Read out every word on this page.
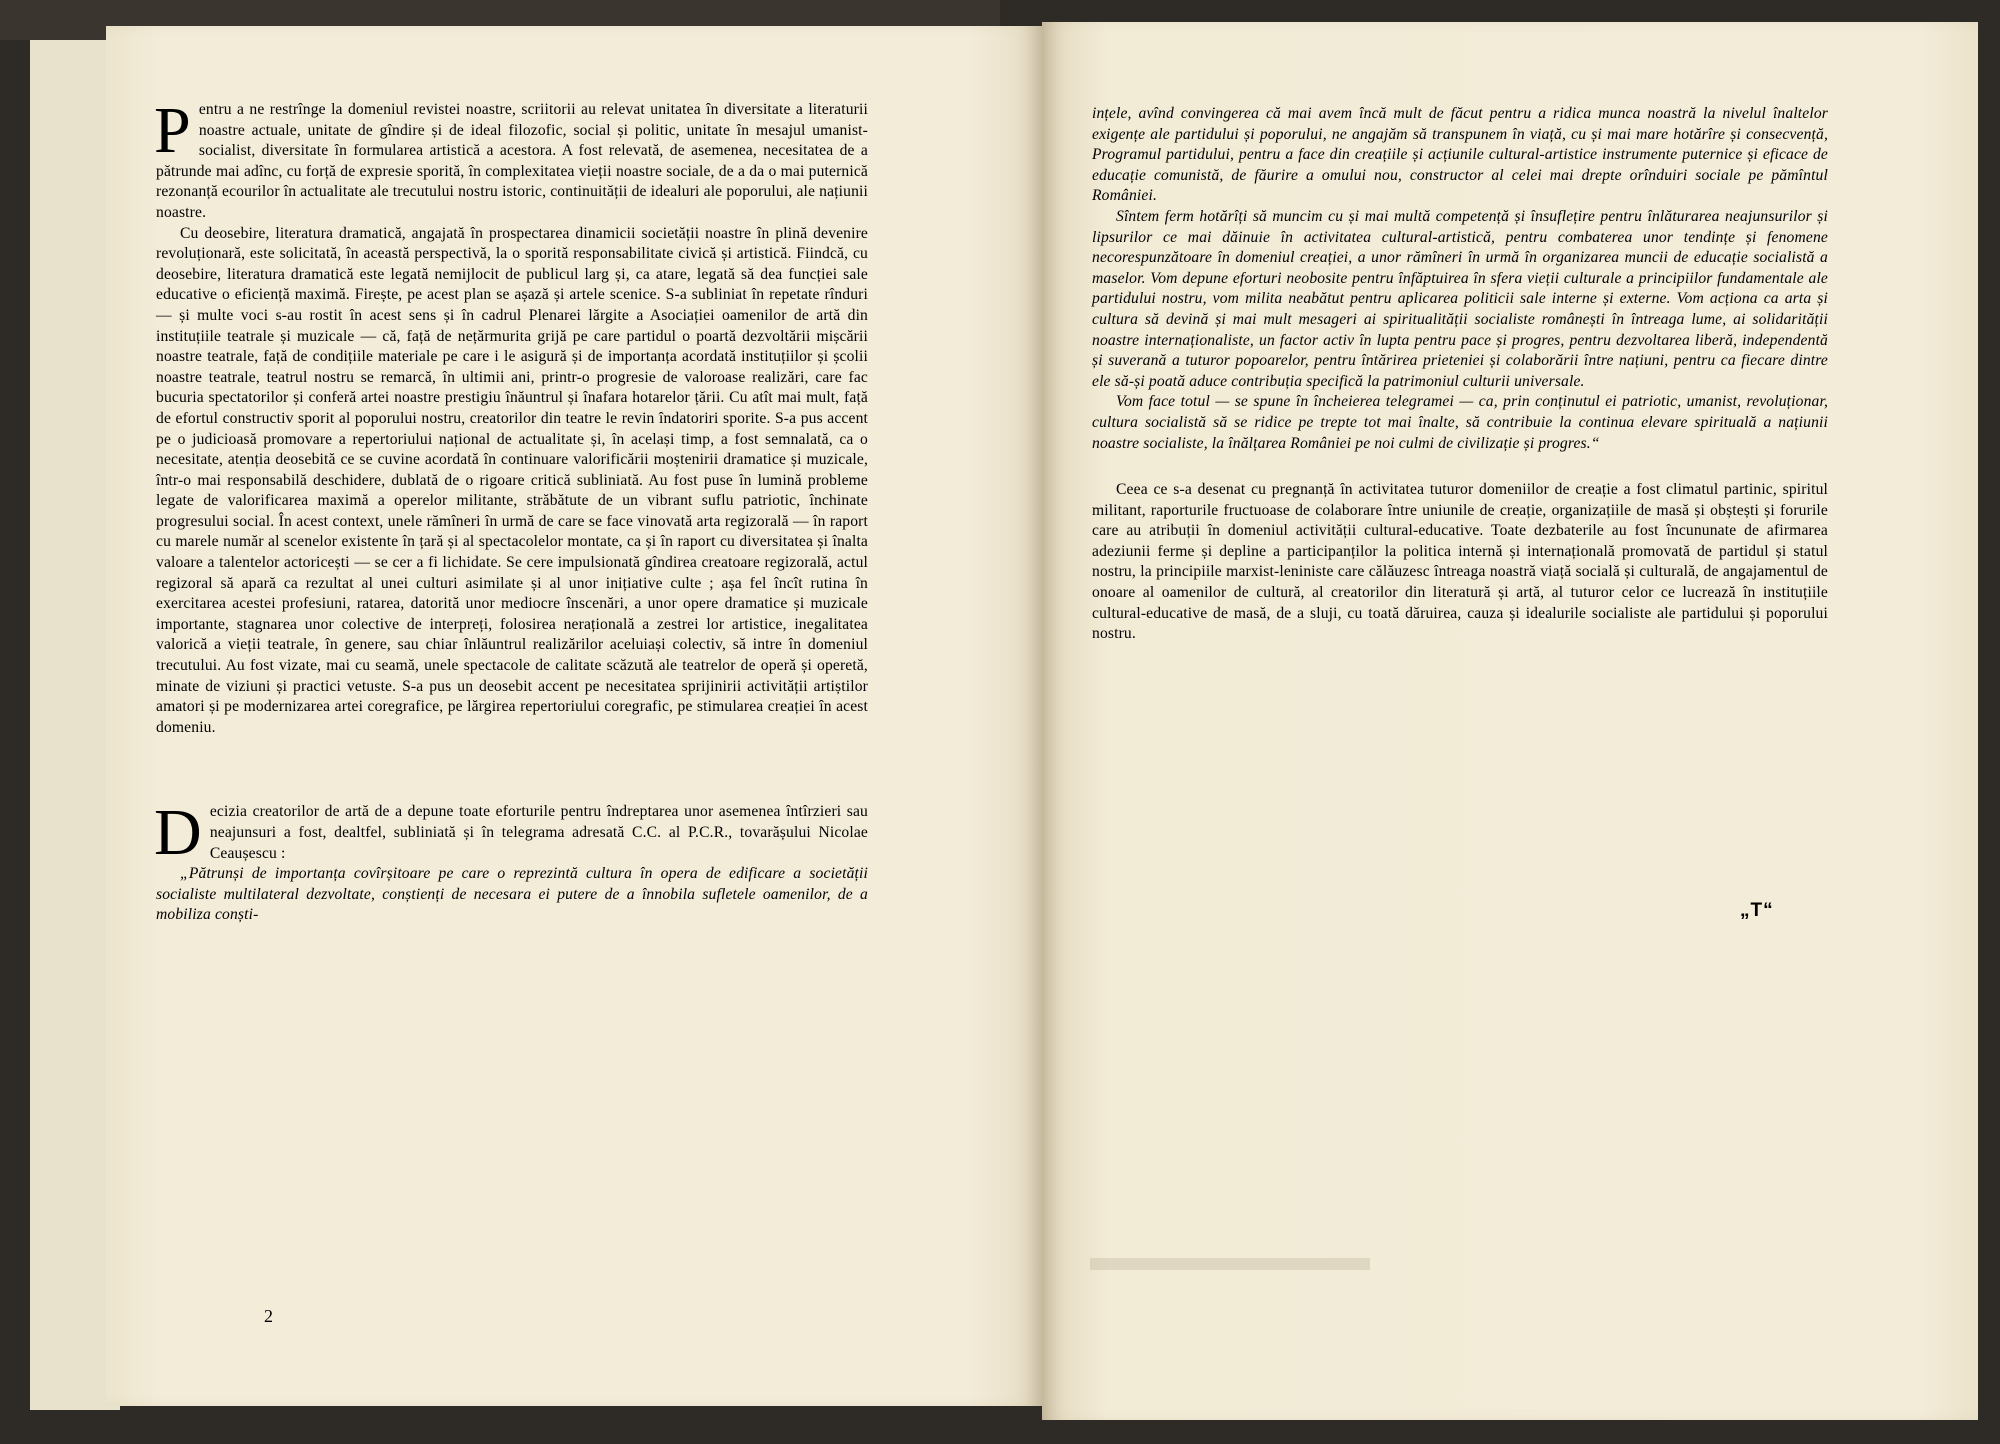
Pentru a ne restrînge la domeniul revistei noastre, scriitorii au relevat unitatea în diversitate a literaturii noastre actuale, unitate de gîndire și de ideal filozofic, social și politic, unitate în mesajul umanist-socialist, diversitate în formularea artistică a acestora. A fost relevată, de asemenea, necesitatea de a pătrunde mai adînc, cu forță de expresie sporită, în complexitatea vieții noastre sociale, de a da o mai puternică rezonanță ecourilor în actualitate ale trecutului nostru istoric, continuității de idealuri ale poporului, ale națiunii noastre.

Cu deosebire, literatura dramatică, angajată în prospectarea dinamicii societății noastre în plină devenire revoluționară, este solicitată, în această perspectivă, la o sporită responsabilitate civică și artistică. Fiindcă, cu deosebire, literatura dramatică este legată nemijlocit de publicul larg și, ca atare, legată să dea funcției sale educative o eficiență maximă. Firește, pe acest plan se așază și artele scenice. S-a subliniat în repetate rînduri — și multe voci s-au rostit în acest sens și în cadrul Plenarei lărgite a Asociației oamenilor de artă din instituțiile teatrale și muzicale — că, față de nețărmurita grijă pe care partidul o poartă dezvoltării mișcării noastre teatrale, față de condițiile materiale pe care i le asigură și de importanța acordată instituțiilor și școlii noastre teatrale, teatrul nostru se remarcă, în ultimii ani, printr-o progresie de valoroase realizări, care fac bucuria spectatorilor și conferă artei noastre prestigiu înăuntrul și înafara hotarelor țării. Cu atît mai mult, față de efortul constructiv sporit al poporului nostru, creatorilor din teatre le revin îndatoriri sporite. S-a pus accent pe o judicioasă promovare a repertoriului național de actualitate și, în același timp, a fost semnalată, ca o necesitate, atenția deosebită ce se cuvine acordată în continuare valorificării moștenirii dramatice și muzicale, într-o mai responsabilă deschidere, dublată de o rigoare critică subliniată. Au fost puse în lumină probleme legate de valorificarea maximă a operelor militante, străbătute de un vibrant suflu patriotic, închinate progresului social. În acest context, unele rămîneri în urmă de care se face vinovată arta regizorală — în raport cu marele număr al scenelor existente în țară și al spectacolelor montate, ca și în raport cu diversitatea și înalta valoare a talentelor actoricești — se cer a fi lichidate. Se cere impulsionată gîndirea creatoare regizorală, actul regizoral să apară ca rezultat al unei culturi asimilate și al unor inițiative culte ; așa fel încît rutina în exercitarea acestei profesiuni, ratarea, datorită unor mediocre înscenări, a unor opere dramatice și muzicale importante, stagnarea unor colective de interpreți, folosirea nerațională a zestrei lor artistice, inegalitatea valorică a vieții teatrale, în genere, sau chiar înlăuntrul realizărilor aceluiași colectiv, să intre în domeniul trecutului. Au fost vizate, mai cu seamă, unele spectacole de calitate scăzută ale teatrelor de operă și operetă, minate de viziuni și practici vetuste. S-a pus un deosebit accent pe necesitatea sprijinirii activității artiștilor amatori și pe modernizarea artei coregrafice, pe lărgirea repertoriului coregrafic, pe stimularea creației în acest domeniu.

Decizia creatorilor de artă de a depune toate eforturile pentru îndreptarea unor asemenea întîrzieri sau neajunsuri a fost, dealtfel, subliniată și în telegrama adresată C.C. al P.C.R., tovarășului Nicolae Ceaușescu :

„Pătrunși de importanța covîrșitoare pe care o reprezintă cultura în opera de edificare a societății socialiste multilateral dezvoltate, conștienți de necesara ei putere de a înnobila sufletele oamenilor, de a mobiliza conști-

2

ințele, avînd convingerea că mai avem încă mult de făcut pentru a ridica munca noastră la nivelul înaltelor exigențe ale partidului și poporului, ne angajăm să transpunem în viață, cu și mai mare hotărîre și consecvență, Programul partidului, pentru a face din creațiile și acțiunile cultural-artistice instrumente puternice și eficace de educație comunistă, de făurire a omului nou, constructor al celei mai drepte orînduiri sociale pe pămîntul României.

Sîntem ferm hotărîți să muncim cu și mai multă competență și însuflețire pentru înlăturarea neajunsurilor și lipsurilor ce mai dăinuie în activitatea cultural-artistică, pentru combaterea unor tendințe și fenomene necorespunzătoare în domeniul creației, a unor rămîneri în urmă în organizarea muncii de educație socialistă a maselor. Vom depune eforturi neobosite pentru înfăptuirea în sfera vieții culturale a principiilor fundamentale ale partidului nostru, vom milita neabătut pentru aplicarea politicii sale interne și externe. Vom acționa ca arta și cultura să devină și mai mult mesageri ai spiritualității socialiste românești în întreaga lume, ai solidarității noastre internaționaliste, un factor activ în lupta pentru pace și progres, pentru dezvoltarea liberă, independentă și suverană a tuturor popoarelor, pentru întărirea prieteniei și colaborării între națiuni, pentru ca fiecare dintre ele să-și poată aduce contribuția specifică la patrimoniul culturii universale.

Vom face totul — se spune în încheierea telegramei — ca, prin conținutul ei patriotic, umanist, revoluționar, cultura socialistă să se ridice pe trepte tot mai înalte, să contribuie la continua elevare spirituală a națiunii noastre socialiste, la înălțarea României pe noi culmi de civilizație și progres.“

Ceea ce s-a desenat cu pregnanță în activitatea tuturor domeniilor de creație a fost climatul partinic, spiritul militant, raporturile fructuoase de colaborare între uniunile de creație, organizațiile de masă și obștești și forurile care au atribuții în domeniul activității cultural-educative. Toate dezbaterile au fost încununate de afirmarea adeziunii ferme și depline a participanților la politica internă și internațională promovată de partidul și statul nostru, la principiile marxist-leniniste care călăuzesc întreaga noastră viață socială și culturală, de angajamentul de onoare al oamenilor de cultură, al creatorilor din literatură și artă, al tuturor celor ce lucrează în instituțiile cultural-educative de masă, de a sluji, cu toată dăruirea, cauza și idealurile socialiste ale partidului și poporului nostru.

„T“
